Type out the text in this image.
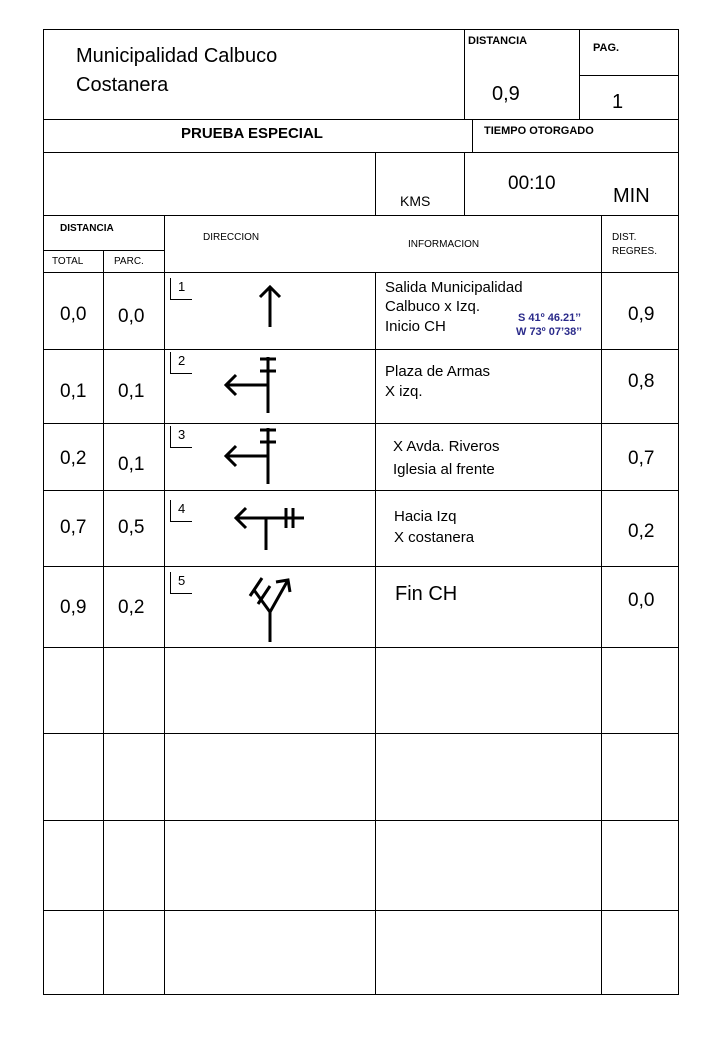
Municipalidad Calbuco
Costanera
DISTANCIA
0,9
PAG.
1
PRUEBA ESPECIAL	TIEMPO OTORGADO
KMS
00:10
MIN
DISTANCIA
TOTAL	PARC.
DIRECCION
INFORMACION
DIST.
REGRES.
1
0,0 0,0
Salida Municipalidad
Calbuco x Izq.
Inicio CH	S 41º 46.21’’
W 73º 07’38’’
0,9
2
0,1 0,1
Plaza de Armas
X izq.	0,8
3
0,2 0,1
X Avda. Riveros
Iglesia al frente
0,7
4
0,7 0,5
Hacia Izq
X costanera	0,2
5
0,9 0,2
Fin CH	0,0
